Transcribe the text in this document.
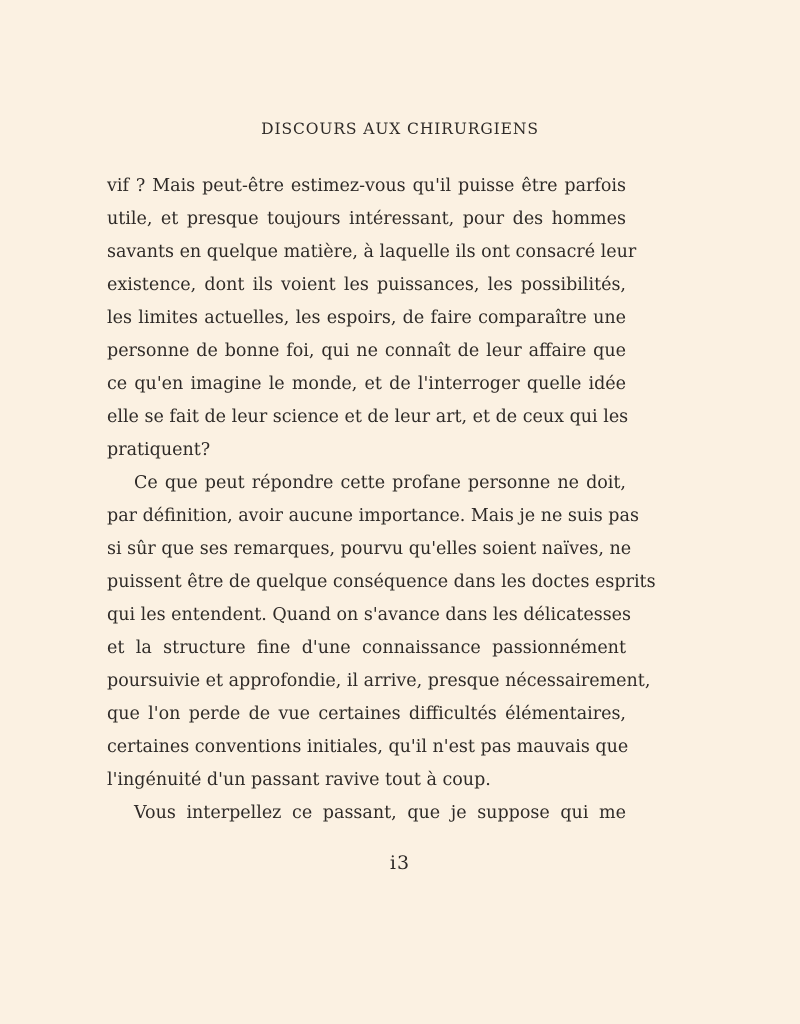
DISCOURS AUX CHIRURGIENS
vif ? Mais peut-être estimez-vous qu'il puisse être parfois
utile, et presque toujours intéressant, pour des hommes
savants en quelque matière, à laquelle ils ont consacré leur
existence, dont ils voient les puissances, les possibilités,
les limites actuelles, les espoirs, de faire comparaître une
personne de bonne foi, qui ne connaît de leur affaire que
ce qu'en imagine le monde, et de l'interroger quelle idée
elle se fait de leur science et de leur art, et de ceux qui les
pratiquent?
Ce que peut répondre cette profane personne ne doit,
par définition, avoir aucune importance. Mais je ne suis pas
si sûr que ses remarques, pourvu qu'elles soient naïves, ne
puissent être de quelque conséquence dans les doctes esprits
qui les entendent. Quand on s'avance dans les délicatesses
et la structure fine d'une connaissance passionnément
poursuivie et approfondie, il arrive, presque nécessairement,
que l'on perde de vue certaines difficultés élémentaires,
certaines conventions initiales, qu'il n'est pas mauvais que
l'ingénuité d'un passant ravive tout à coup.
Vous interpellez ce passant, que je suppose qui me
i3
